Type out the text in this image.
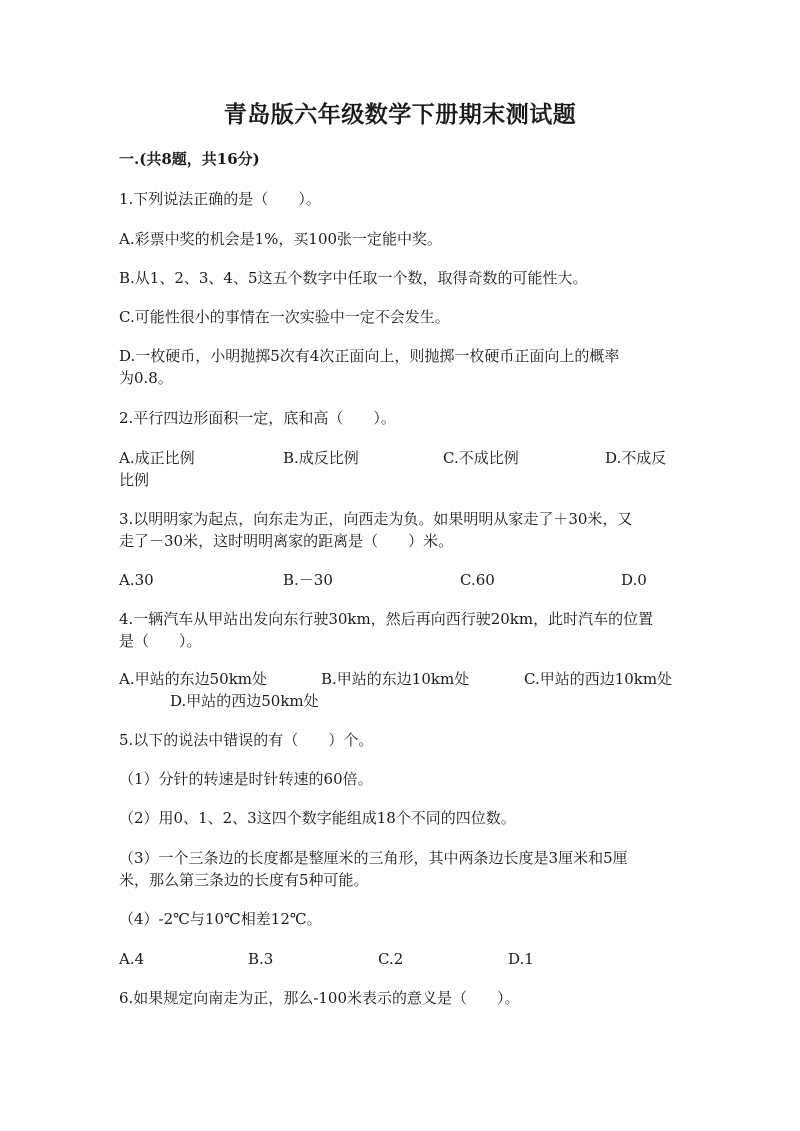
青岛版六年级数学下册期末测试题
一.(共8题，共16分)
1.下列说法正确的是（　　）。
A.彩票中奖的机会是1%，买100张一定能中奖。
B.从1、2、3、4、5这五个数字中任取一个数，取得奇数的可能性大。
C.可能性很小的事情在一次实验中一定不会发生。
D.一枚硬币，小明抛掷5次有4次正面向上，则抛掷一枚硬币正面向上的概率
为0.8。
2.平行四边形面积一定，底和高（　　）。
A.成正比例	B.成反比例	C.不成比例	D.不成反
比例
3.以明明家为起点，向东走为正，向西走为负。如果明明从家走了＋30米，又
走了－30米，这时明明离家的距离是（　　）米。
A.30	B.－30	C.60	D.0
4.一辆汽车从甲站出发向东行驶30km，然后再向西行驶20km，此时汽车的位置
是（　　）。
A.甲站的东边50km处	B.甲站的东边10km处	C.甲站的西边10km处
D.甲站的西边50km处
5.以下的说法中错误的有（　　）个。
（1）分针的转速是时针转速的60倍。
（2）用0、1、2、3这四个数字能组成18个不同的四位数。
（3）一个三条边的长度都是整厘米的三角形，其中两条边长度是3厘米和5厘
米，那么第三条边的长度有5种可能。
（4）-2℃与10℃相差12℃。
A.4	B.3	C.2	D.1
6.如果规定向南走为正，那么-100米表示的意义是（　　）。
